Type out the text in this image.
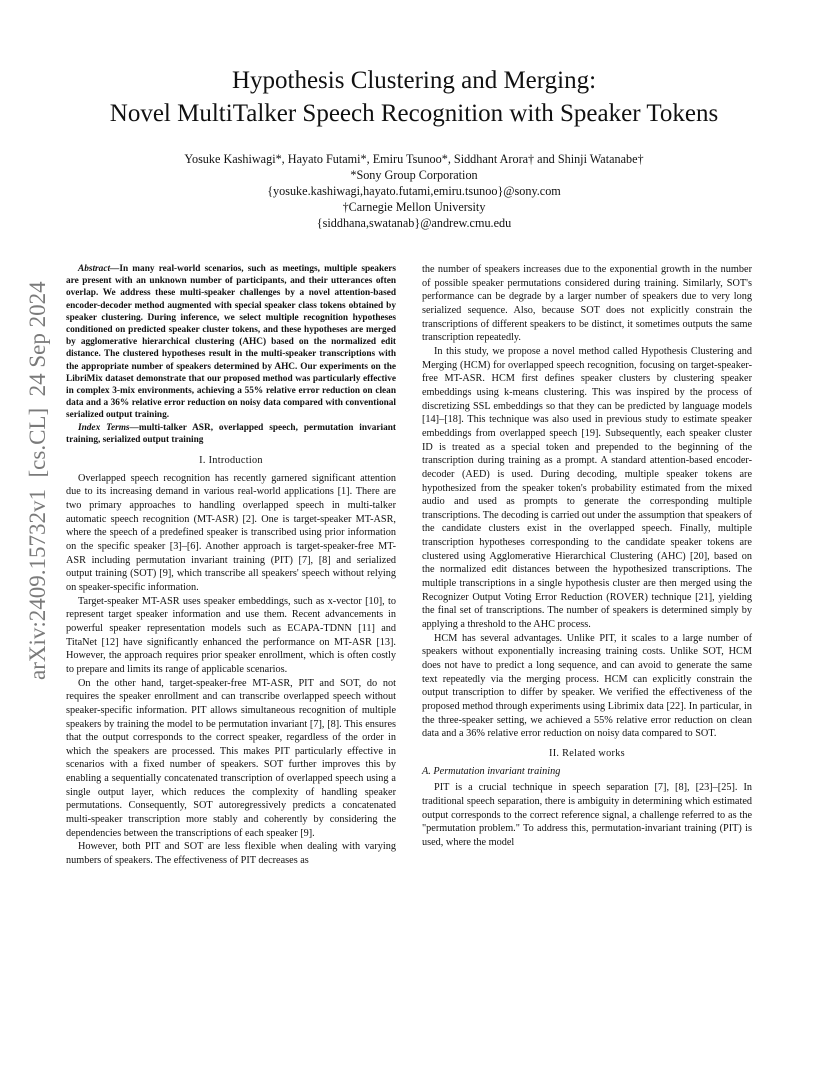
arXiv:2409.15732v1  [cs.CL]  24 Sep 2024
Hypothesis Clustering and Merging:
Novel MultiTalker Speech Recognition with Speaker Tokens
Yosuke Kashiwagi*, Hayato Futami*, Emiru Tsunoo*, Siddhant Arora† and Shinji Watanabe†
*Sony Group Corporation
{yosuke.kashiwagi,hayato.futami,emiru.tsunoo}@sony.com
†Carnegie Mellon University
{siddhana,swatanab}@andrew.cmu.edu

Abstract—In many real-world scenarios, such as meetings, multiple speakers are present with an unknown number of participants, and their utterances often overlap. We address these multi-speaker challenges by a novel attention-based encoder-decoder method augmented with special speaker class tokens obtained by speaker clustering. During inference, we select multiple recognition hypotheses conditioned on predicted speaker cluster tokens, and these hypotheses are merged by agglomerative hierarchical clustering (AHC) based on the normalized edit distance. The clustered hypotheses result in the multi-speaker transcriptions with the appropriate number of speakers determined by AHC. Our experiments on the LibriMix dataset demonstrate that our proposed method was particularly effective in complex 3-mix environments, achieving a 55% relative error reduction on clean data and a 36% relative error reduction on noisy data compared with conventional serialized output training.

Index Terms—multi-talker ASR, overlapped speech, permutation invariant training, serialized output training

I. Introduction

Overlapped speech recognition has recently garnered significant attention due to its increasing demand in various real-world applications [1]. There are two primary approaches to handling overlapped speech in multi-talker automatic speech recognition (MT-ASR) [2]. One is target-speaker MT-ASR, where the speech of a predefined speaker is transcribed using prior information on the specific speaker [3]–[6]. Another approach is target-speaker-free MT-ASR including permutation invariant training (PIT) [7], [8] and serialized output training (SOT) [9], which transcribe all speakers' speech without relying on speaker-specific information.

Target-speaker MT-ASR uses speaker embeddings, such as x-vector [10], to represent target speaker information and use them. Recent advancements in powerful speaker representation models such as ECAPA-TDNN [11] and TitaNet [12] have significantly enhanced the performance on MT-ASR [13]. However, the approach requires prior speaker enrollment, which is often costly to prepare and limits its range of applicable scenarios.

On the other hand, target-speaker-free MT-ASR, PIT and SOT, do not requires the speaker enrollment and can transcribe overlapped speech without speaker-specific information. PIT allows simultaneous recognition of multiple speakers by training the model to be permutation invariant [7], [8]. This ensures that the output corresponds to the correct speaker, regardless of the order in which the speakers are processed. This makes PIT particularly effective in scenarios with a fixed number of speakers. SOT further improves this by enabling a sequentially concatenated transcription of overlapped speech using a single output layer, which reduces the complexity of handling speaker permutations. Consequently, SOT autoregressively predicts a concatenated multi-speaker transcription more stably and coherently by considering the dependencies between the transcriptions of each speaker [9].

However, both PIT and SOT are less flexible when dealing with varying numbers of speakers. The effectiveness of PIT decreases as

the number of speakers increases due to the exponential growth in the number of possible speaker permutations considered during training. Similarly, SOT's performance can be degrade by a larger number of speakers due to very long serialized sequence. Also, because SOT does not explicitly constrain the transcriptions of different speakers to be distinct, it sometimes outputs the same transcription repeatedly.

In this study, we propose a novel method called Hypothesis Clustering and Merging (HCM) for overlapped speech recognition, focusing on target-speaker-free MT-ASR. HCM first defines speaker clusters by clustering speaker embeddings using k-means clustering. This was inspired by the process of discretizing SSL embeddings so that they can be predicted by language models [14]–[18]. This technique was also used in previous study to estimate speaker embeddings from overlapped speech [19]. Subsequently, each speaker cluster ID is treated as a special token and prepended to the beginning of the transcription during training as a prompt. A standard attention-based encoder-decoder (AED) is used. During decoding, multiple speaker tokens are hypothesized from the speaker token's probability estimated from the mixed audio and used as prompts to generate the corresponding multiple transcriptions. The decoding is carried out under the assumption that speakers of the candidate clusters exist in the overlapped speech. Finally, multiple transcription hypotheses corresponding to the candidate speaker tokens are clustered using Agglomerative Hierarchical Clustering (AHC) [20], based on the normalized edit distances between the hypothesized transcriptions. The multiple transcriptions in a single hypothesis cluster are then merged using the Recognizer Output Voting Error Reduction (ROVER) technique [21], yielding the final set of transcriptions. The number of speakers is determined simply by applying a threshold to the AHC process.

HCM has several advantages. Unlike PIT, it scales to a large number of speakers without exponentially increasing training costs. Unlike SOT, HCM does not have to predict a long sequence, and can avoid to generate the same text repeatedly via the merging process. HCM can explicitly constrain the output transcription to differ by speaker. We verified the effectiveness of the proposed method through experiments using Librimix data [22]. In particular, in the three-speaker setting, we achieved a 55% relative error reduction on clean data and a 36% relative error reduction on noisy data compared to SOT.

II. Related works
A. Permutation invariant training

PIT is a crucial technique in speech separation [7], [8], [23]–[25]. In traditional speech separation, there is ambiguity in determining which estimated output corresponds to the correct reference signal, a challenge referred to as the "permutation problem." To address this, permutation-invariant training (PIT) is used, where the model
